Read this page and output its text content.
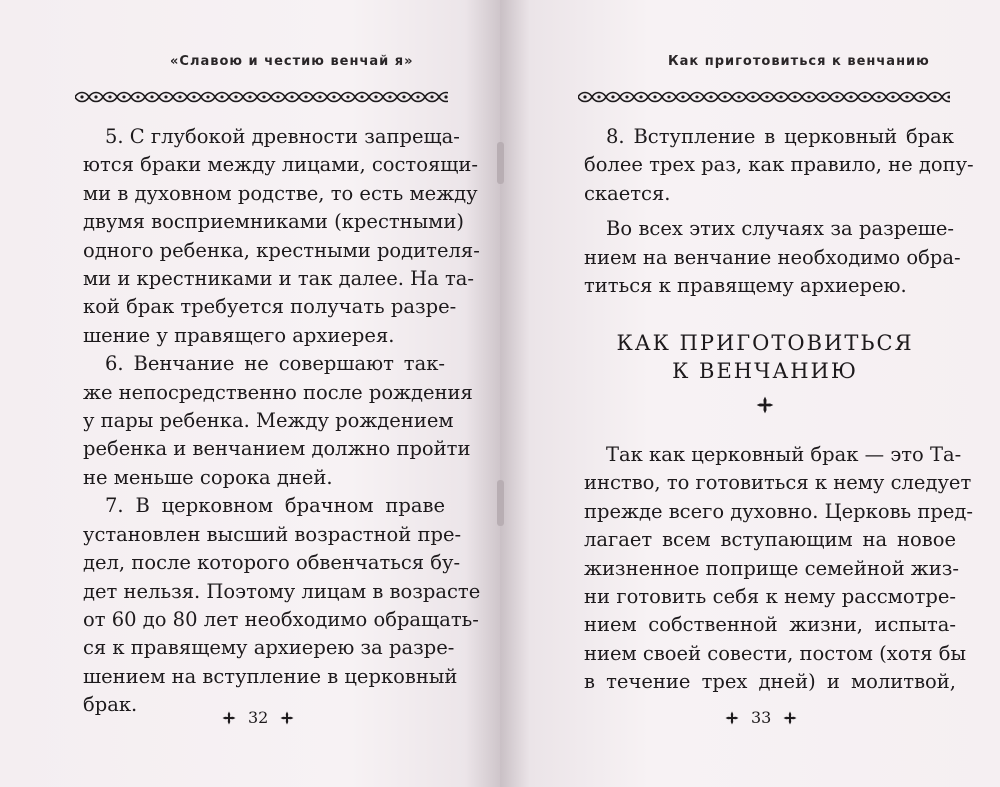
«Славою и честию венчай я»
5. С глубокой древности запреща-
ются браки между лицами, состоящи-
ми в духовном родстве, то есть между
двумя восприемниками (крестными)
одного ребенка, крестными родителя-
ми и крестниками и так далее. На та-
кой брак требуется получать разре-
шение у правящего архиерея.
6. Венчание не совершают так-
же непосредственно после рождения
у пары ребенка. Между рождением
ребенка и венчанием должно пройти
не меньше сорока дней.
7. В церковном брачном праве
установлен высший возрастной пре-
дел, после которого обвенчаться бу-
дет нельзя. Поэтому лицам в возрасте
от 60 до 80 лет необходимо обращать-
ся к правящему архиерею за разре-
шением на вступление в церковный
брак.
32
Как приготовиться к венчанию
8. Вступление в церковный брак
более трех раз, как правило, не допу-
скается.
Во всех этих случаях за разреше-
нием на венчание необходимо обра-
титься к правящему архиерею.
КАК ПРИГОТОВИТЬСЯ
К ВЕНЧАНИЮ
Так как церковный брак — это Та-
инство, то готовиться к нему следует
прежде всего духовно. Церковь пред-
лагает всем вступающим на новое
жизненное поприще семейной жиз-
ни готовить себя к нему рассмотре-
нием собственной жизни, испыта-
нием своей совести, постом (хотя бы
в течение трех дней) и молитвой,
33
